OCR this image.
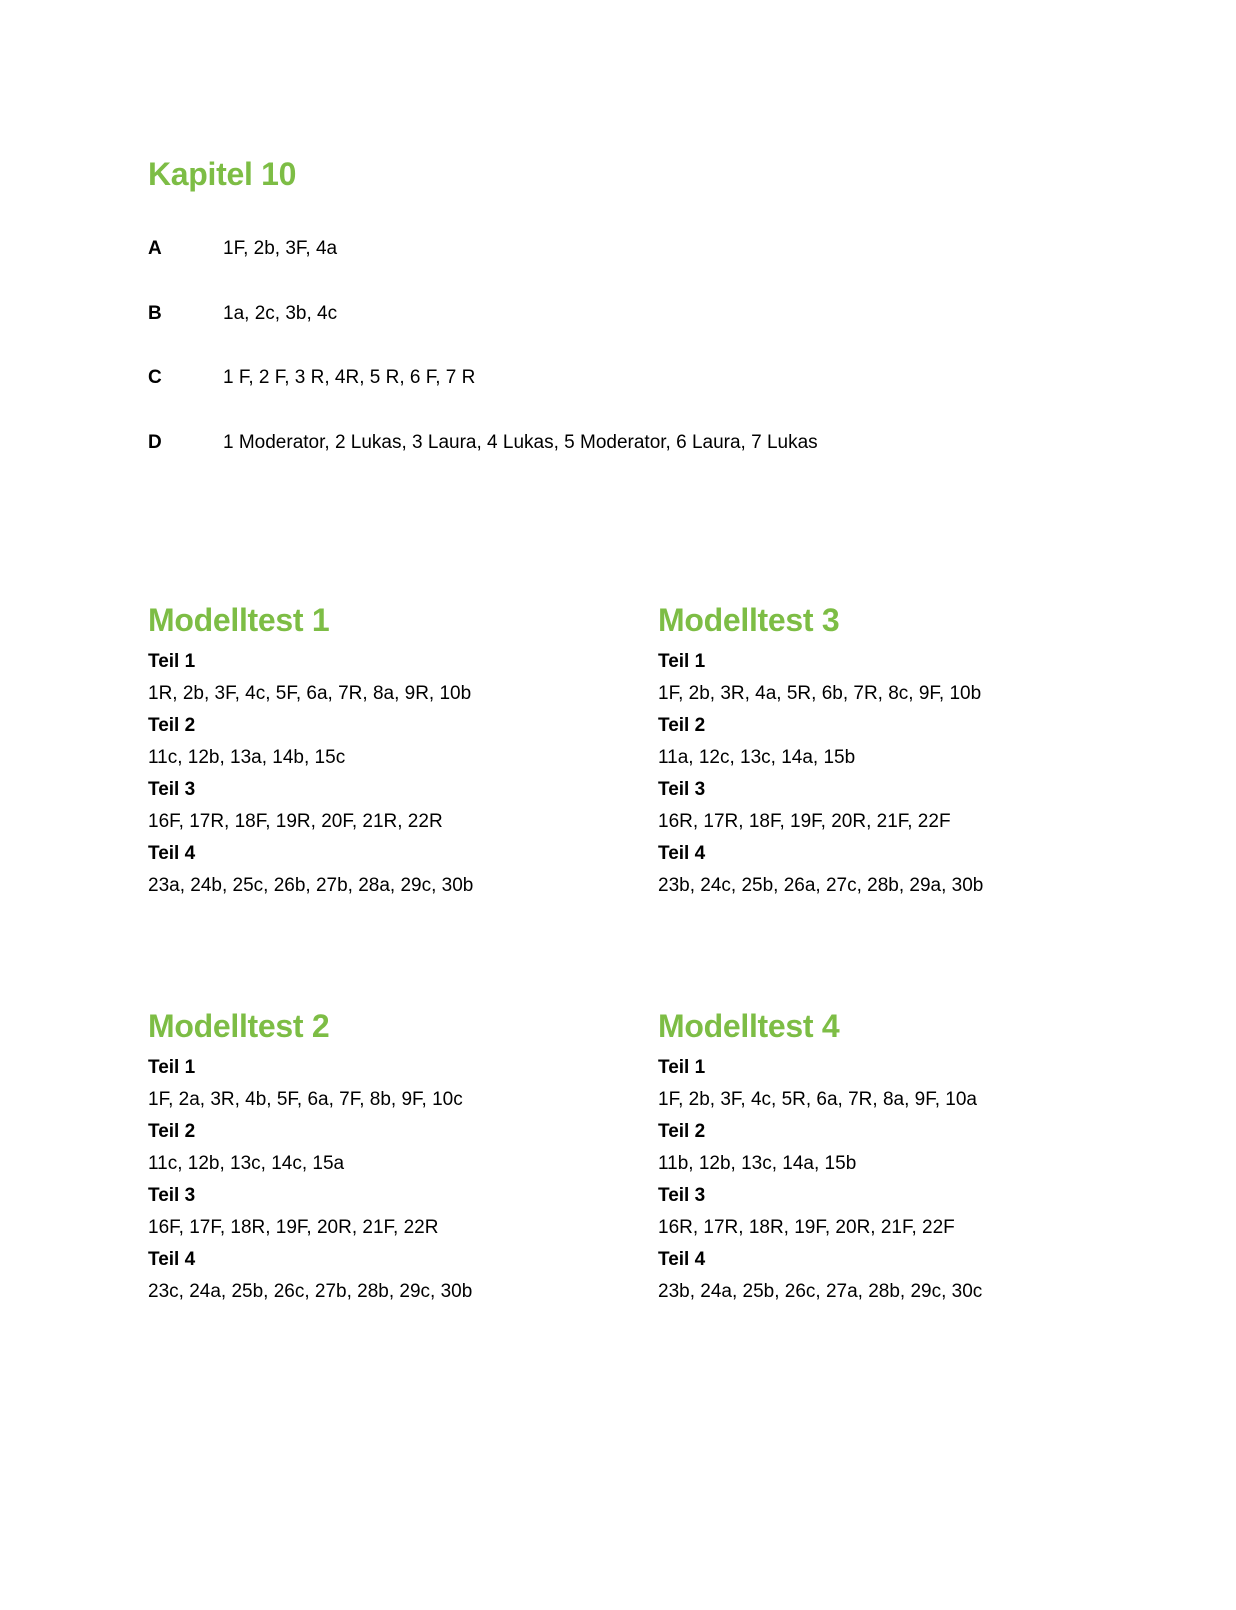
Kapitel 10
A	1F, 2b, 3F, 4a
B	1a, 2c, 3b, 4c
C	1 F, 2 F, 3 R, 4R, 5 R, 6 F, 7 R
D	1 Moderator, 2 Lukas, 3 Laura, 4 Lukas, 5 Moderator, 6 Laura, 7 Lukas
Modelltest 1
Teil 1
1R, 2b, 3F, 4c, 5F, 6a, 7R, 8a, 9R, 10b
Teil 2
11c, 12b, 13a, 14b, 15c
Teil 3
16F, 17R, 18F, 19R, 20F, 21R, 22R
Teil 4
23a, 24b, 25c, 26b, 27b, 28a, 29c, 30b
Modelltest 3
Teil 1
1F, 2b, 3R, 4a, 5R, 6b, 7R, 8c, 9F, 10b
Teil 2
11a, 12c, 13c, 14a, 15b
Teil 3
16R, 17R, 18F, 19F, 20R, 21F, 22F
Teil 4
23b, 24c, 25b, 26a, 27c, 28b, 29a, 30b
Modelltest 2
Teil 1
1F, 2a, 3R, 4b, 5F, 6a, 7F, 8b, 9F, 10c
Teil 2
11c, 12b, 13c, 14c, 15a
Teil 3
16F, 17F, 18R, 19F, 20R, 21F, 22R
Teil 4
23c, 24a, 25b, 26c, 27b, 28b, 29c, 30b
Modelltest 4
Teil 1
1F, 2b, 3F, 4c, 5R, 6a, 7R, 8a, 9F, 10a
Teil 2
11b, 12b, 13c, 14a, 15b
Teil 3
16R, 17R, 18R, 19F, 20R, 21F, 22F
Teil 4
23b, 24a, 25b, 26c, 27a, 28b, 29c, 30c
